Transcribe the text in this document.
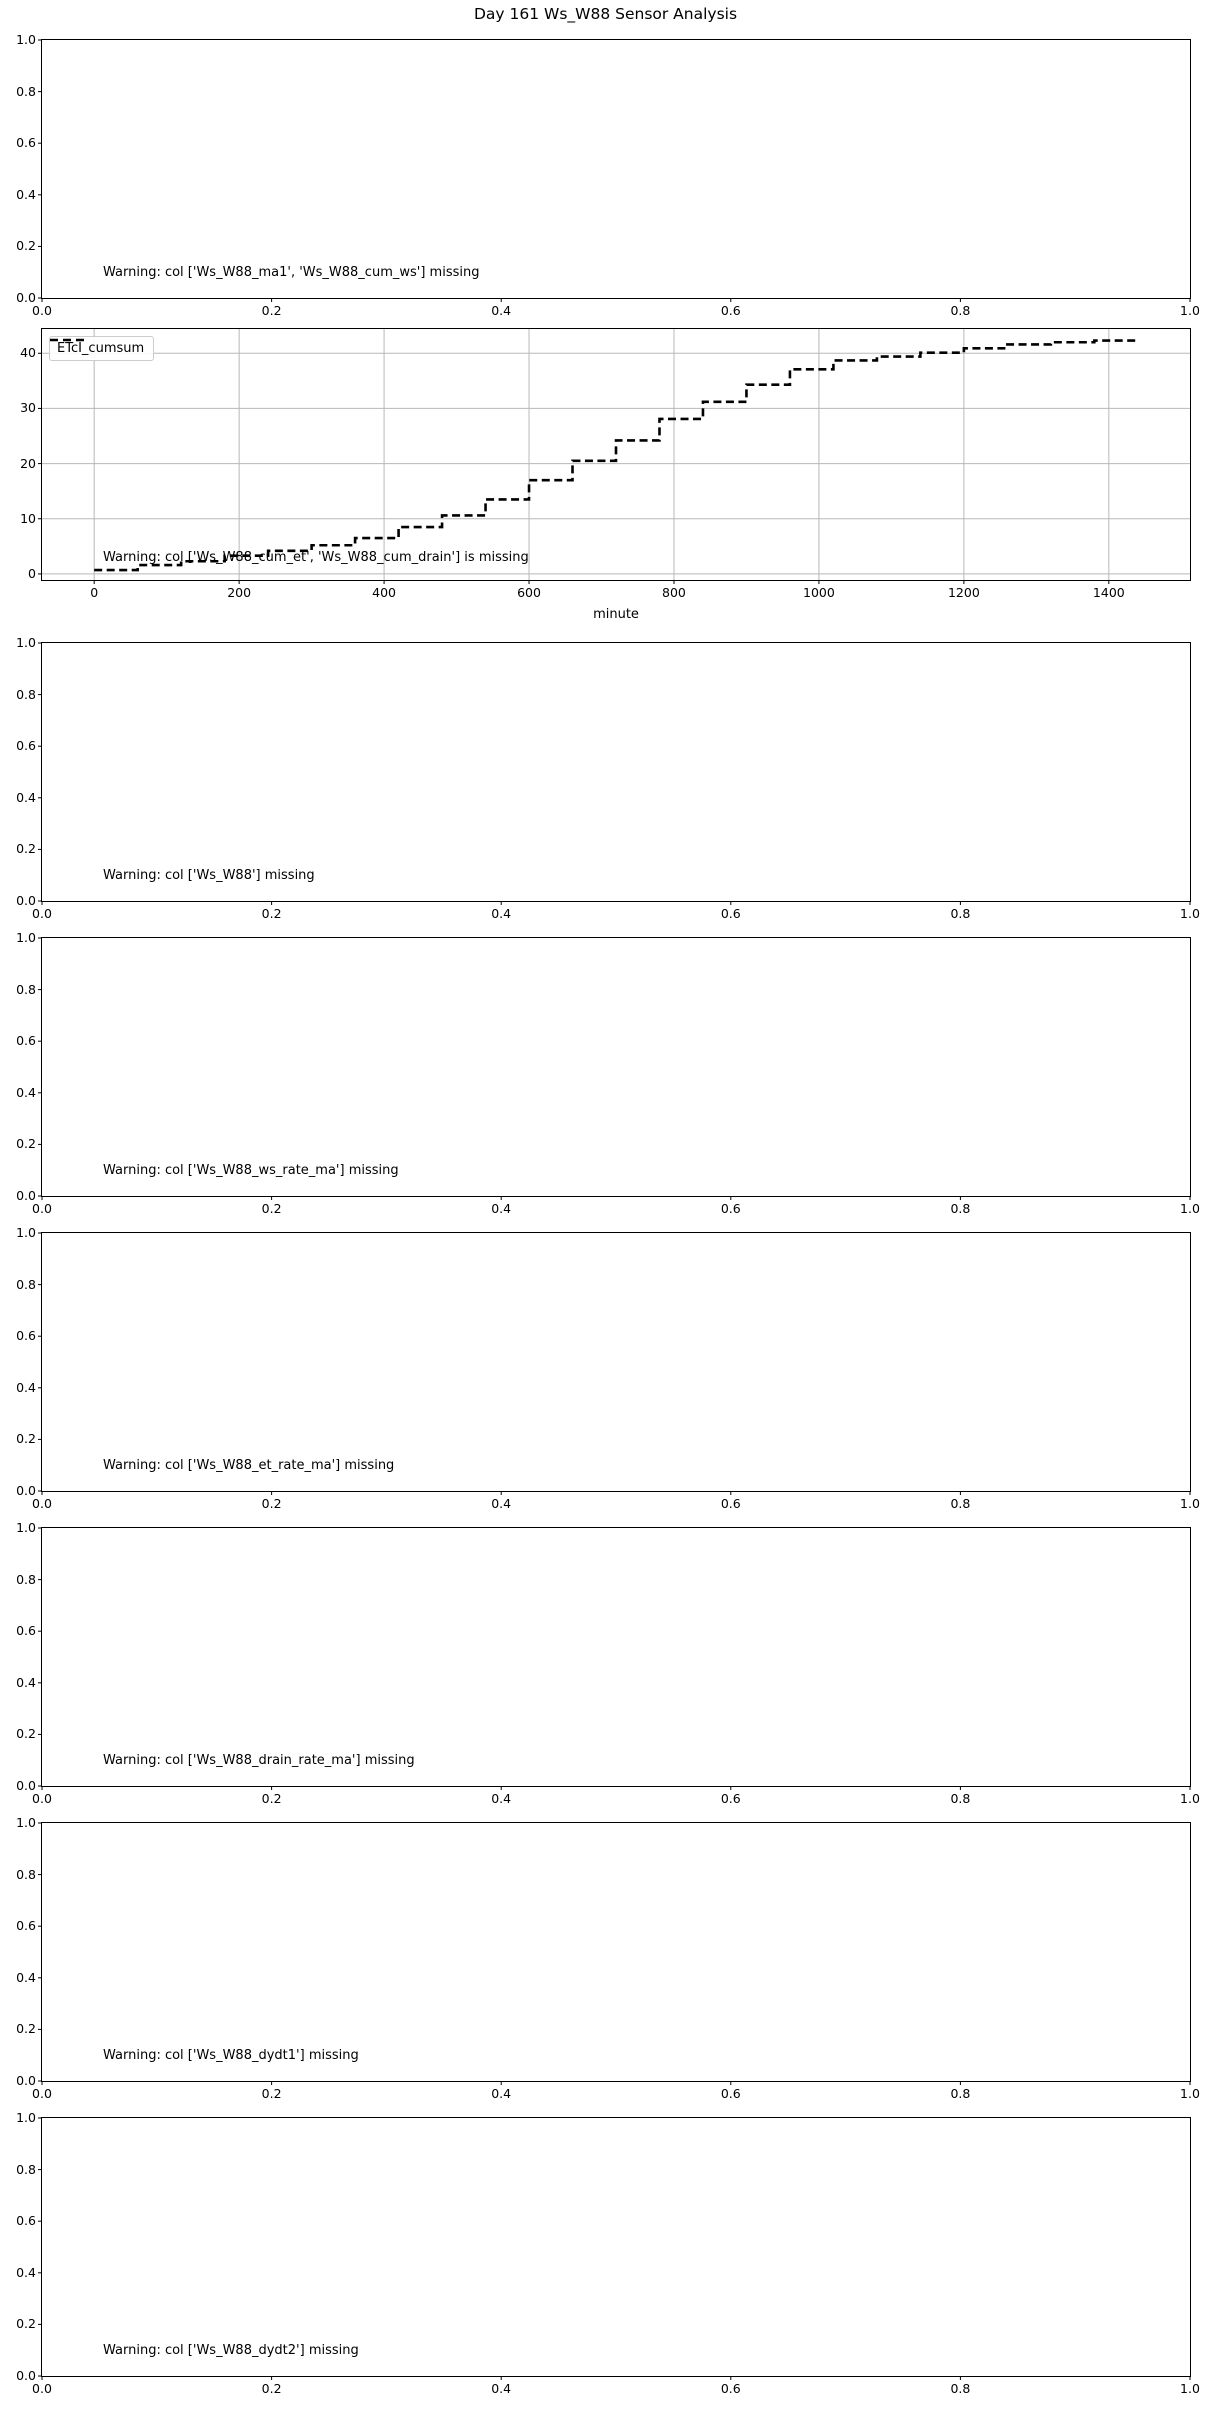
Day 161 Ws_W88 Sensor Analysis
Warning: col ['Ws_W88_ma1', 'Ws_W88_cum_ws'] missing
0.0	0.2	0.4	0.6	0.8	1.0
0.0
0.2
0.4
0.6
0.8
1.0
ETcI_cumsum
Warning: col ['Ws_W88_cum_et', 'Ws_W88_cum_drain'] is missing
minute
0	200	400	600	800	1000	1200	1400
0
10
20
30
40
Warning: col ['Ws_W88'] missing
0.0	0.2	0.4	0.6	0.8	1.0
0.0
0.2
0.4
0.6
0.8
1.0
Warning: col ['Ws_W88_ws_rate_ma'] missing
0.0	0.2	0.4	0.6	0.8	1.0
0.0
0.2
0.4
0.6
0.8
1.0
Warning: col ['Ws_W88_et_rate_ma'] missing
0.0	0.2	0.4	0.6	0.8	1.0
0.0
0.2
0.4
0.6
0.8
1.0
Warning: col ['Ws_W88_drain_rate_ma'] missing
0.0	0.2	0.4	0.6	0.8	1.0
0.0
0.2
0.4
0.6
0.8
1.0
Warning: col ['Ws_W88_dydt1'] missing
0.0	0.2	0.4	0.6	0.8	1.0
0.0
0.2
0.4
0.6
0.8
1.0
Warning: col ['Ws_W88_dydt2'] missing
0.0	0.2	0.4	0.6	0.8	1.0
0.0
0.2
0.4
0.6
0.8
1.0
